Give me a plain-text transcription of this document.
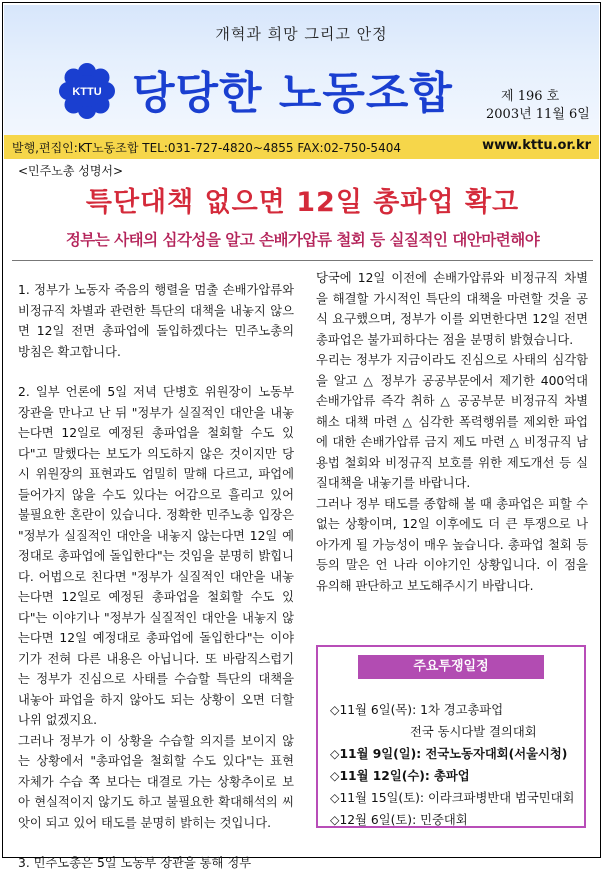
개혁과 희망 그리고 안정
KTTU 당당한 노동조합	제 196 호
2003년 11월 6일
발행,편집인:KT노동조합 TEL:031-727-4820~4855 FAX:02-750-5404	www.kttu.or.kr
<민주노총 성명서>
특단대책 없으면 12일 총파업 확고
정부는 사태의 심각성을 알고 손배가압류 철회 등 실질적인 대안마련해야

1. 정부가 노동자 죽음의 행렬을 멈출 손배가압류와 비정규직 차별과 관련한 특단의 대책을 내놓지 않으면 12일 전면 총파업에 돌입하겠다는 민주노총의 방침은 확고합니다.

2. 일부 언론에 5일 저녁 단병호 위원장이 노동부 장관을 만나고 난 뒤 "정부가 실질적인 대안을 내놓는다면 12일로 예정된 총파업을 철회할 수도 있다"고 말했다는 보도가 의도하지 않은 것이지만 당시 위원장의 표현과도 엄밀히 말해 다르고, 파업에 들어가지 않을 수도 있다는 어감으로 흘리고 있어 불필요한 혼란이 있습니다. 정확한 민주노총 입장은 "정부가 실질적인 대안을 내놓지 않는다면 12일 예정대로 총파업에 돌입한다"는 것임을 분명히 밝힙니다. 어법으로 친다면 "정부가 실질적인 대안을 내놓는다면 12일로 예정된 총파업을 철회할 수도 있다"는 이야기나 "정부가 실질적인 대안을 내놓지 않는다면 12일 예정대로 총파업에 돌입한다"는 이야기가 전혀 다른 내용은 아닙니다. 또 바람직스럽기는 정부가 진심으로 사태를 수습할 특단의 대책을 내놓아 파업을 하지 않아도 되는 상황이 오면 더할 나위 없겠지요.

그러나 정부가 이 상황을 수습할 의지를 보이지 않는 상황에서 "총파업을 철회할 수도 있다"는 표현 자체가 수습 쪽 보다는 대결로 가는 상황추이로 보아 현실적이지 않기도 하고 불필요한 확대해석의 씨앗이 되고 있어 태도를 분명히 밝히는 것입니다.

3. 민주노총은 5일 노동부 장관을 통해 정부

당국에 12일 이전에 손배가압류와 비정규직 차별을 해결할 가시적인 특단의 대책을 마련할 것을 공식 요구했으며, 정부가 이를 외면한다면 12일 전면 총파업은 불가피하다는 점을 분명히 밝혔습니다.

우리는 정부가 지금이라도 진심으로 사태의 심각함을 알고 △ 정부가 공공부문에서 제기한 400억대 손배가압류 즉각 취하 △ 공공부문 비정규직 차별 해소 대책 마련 △ 심각한 폭력행위를 제외한 파업에 대한 손배가압류 금지 제도 마련 △ 비정규직 남용법 철회와 비정규직 보호를 위한 제도개선 등 실질대책을 내놓기를 바랍니다.

그러나 정부 태도를 종합해 볼 때 총파업은 피할 수 없는 상황이며, 12일 이후에도 더 큰 투쟁으로 나아가게 될 가능성이 매우 높습니다. 총파업 철회 등등의 말은 언 나라 이야기인 상황입니다. 이 점을 유의해 판단하고 보도해주시기 바랍니다.

주요투쟁일정
◇11월 6일(목): 1차 경고총파업
전국 동시다발 결의대회
◇11월 9일(일): 전국노동자대회(서울시청)
◇11월 12일(수): 총파업
◇11월 15일(토): 이라크파병반대 범국민대회
◇12월 6일(토): 민중대회
